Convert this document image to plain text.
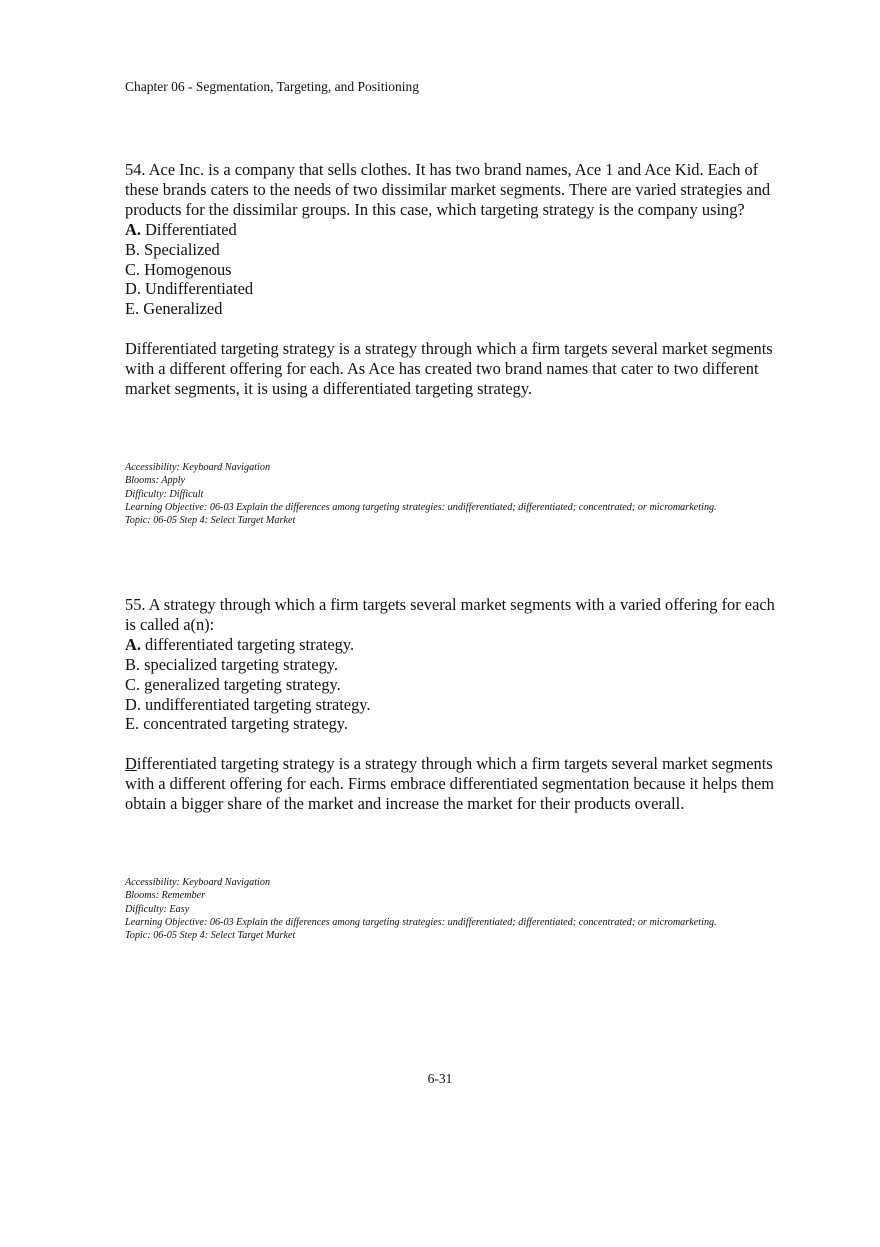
Chapter 06 - Segmentation, Targeting, and Positioning

54. Ace Inc. is a company that sells clothes. It has two brand names, Ace 1 and Ace Kid. Each of these brands caters to the needs of two dissimilar market segments. There are varied strategies and products for the dissimilar groups. In this case, which targeting strategy is the company using?

A. Differentiated
B. Specialized
C. Homogenous
D. Undifferentiated
E. Generalized

Differentiated targeting strategy is a strategy through which a firm targets several market segments with a different offering for each. As Ace has created two brand names that cater to two different market segments, it is using a differentiated targeting strategy.

Accessibility: Keyboard Navigation
Blooms: Apply
Difficulty: Difficult
Learning Objective: 06-03 Explain the differences among targeting strategies: undifferentiated; differentiated; concentrated; or micromarketing.
Topic: 06-05 Step 4: Select Target Market

55. A strategy through which a firm targets several market segments with a varied offering for each is called a(n):

A. differentiated targeting strategy.
B. specialized targeting strategy.
C. generalized targeting strategy.
D. undifferentiated targeting strategy.
E. concentrated targeting strategy.

Differentiated targeting strategy is a strategy through which a firm targets several market segments with a different offering for each. Firms embrace differentiated segmentation because it helps them obtain a bigger share of the market and increase the market for their products overall.

Accessibility: Keyboard Navigation
Blooms: Remember
Difficulty: Easy
Learning Objective: 06-03 Explain the differences among targeting strategies: undifferentiated; differentiated; concentrated; or micromarketing.
Topic: 06-05 Step 4: Select Target Market
6-31
